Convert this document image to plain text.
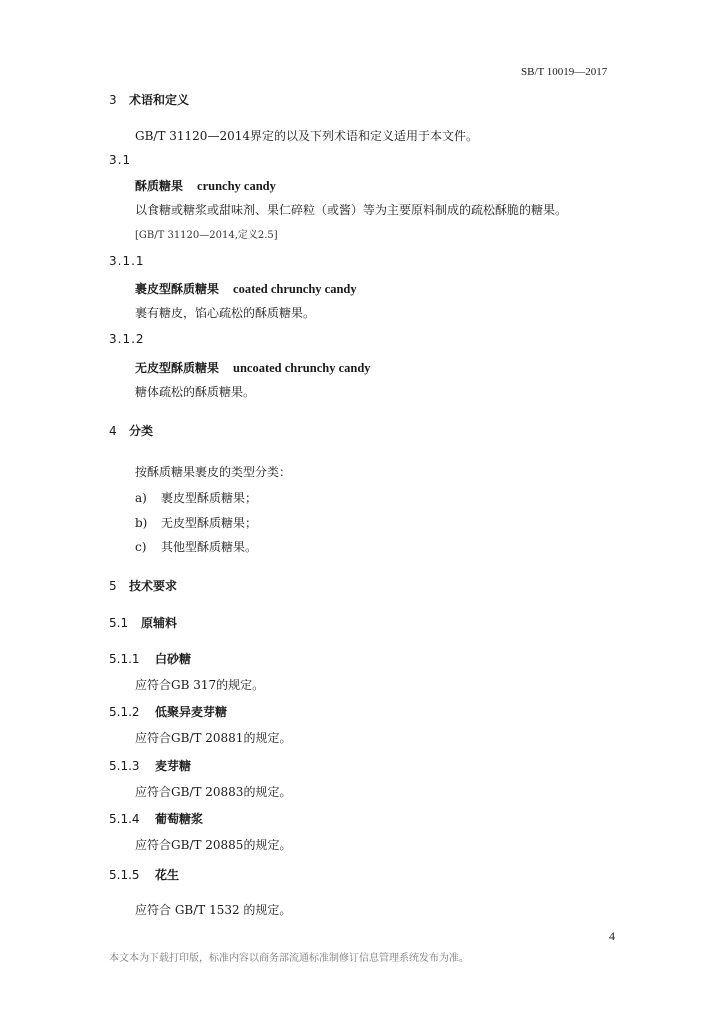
SB/T 10019—2017
3 术语和定义
GB/T 31120—2014界定的以及下列术语和定义适用于本文件。
3.1
酥质糖果 crunchy candy
以食糖或糖浆或甜味剂、果仁碎粒（或酱）等为主要原料制成的疏松酥脆的糖果。
[GB/T 31120—2014,定义2.5]
3.1.1
裹皮型酥质糖果 coated chrunchy candy
裹有糖皮，馅心疏松的酥质糖果。
3.1.2
无皮型酥质糖果 uncoated chrunchy candy
糖体疏松的酥质糖果。
4 分类
按酥质糖果裹皮的类型分类：
a) 裹皮型酥质糖果；
b) 无皮型酥质糖果；
c) 其他型酥质糖果。
5 技术要求
5.1 原辅料
5.1.1 白砂糖
应符合GB 317的规定。
5.1.2 低聚异麦芽糖
应符合GB/T 20881的规定。
5.1.3 麦芽糖
应符合GB/T 20883的规定。
5.1.4 葡萄糖浆
应符合GB/T 20885的规定。
5.1.5 花生
应符合 GB/T 1532 的规定。
4
本文本为下载打印版，标准内容以商务部流通标准制修订信息管理系统发布为准。
